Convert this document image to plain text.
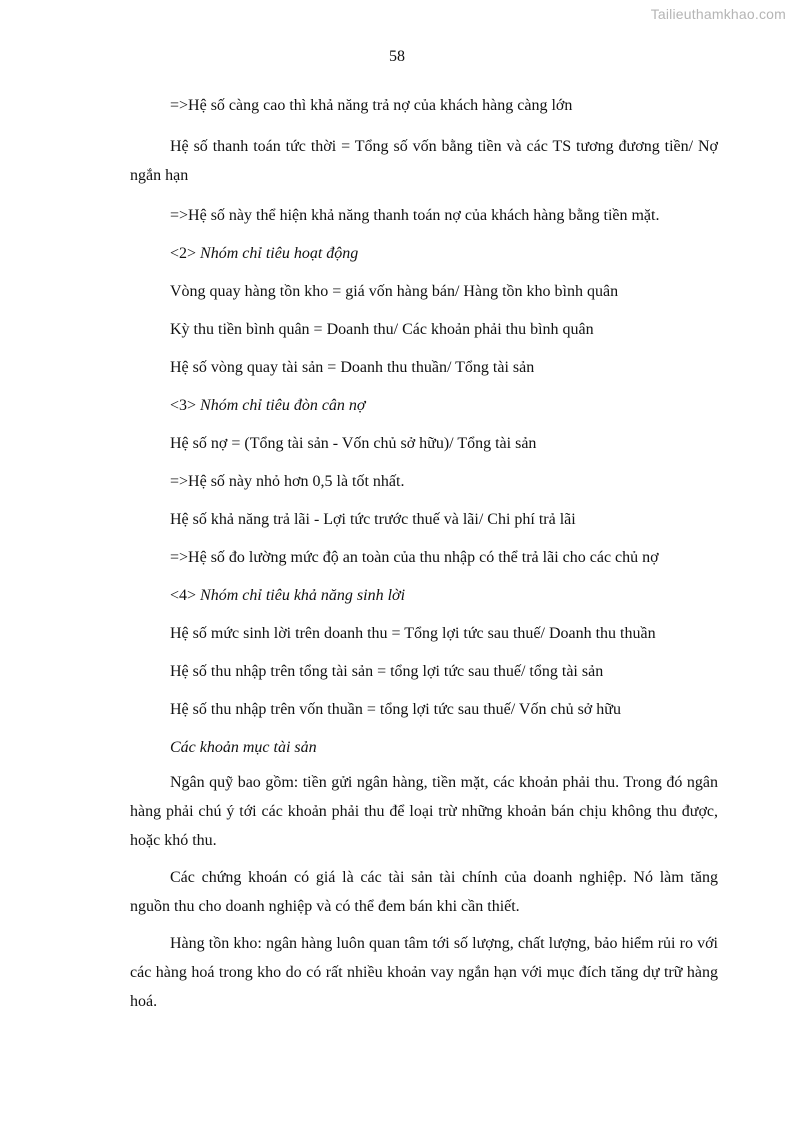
Tailieuthamkhao.com
58

=>Hệ số càng cao thì khả năng trả nợ của khách hàng càng lớn

Hệ số thanh toán tức thời = Tổng số vốn bằng tiền và các TS tương đương tiền/ Nợ ngắn hạn

=>Hệ số này thể hiện khả năng thanh toán nợ của khách hàng bằng tiền mặt.

<2> Nhóm chỉ tiêu hoạt động

Vòng quay hàng tồn kho = giá vốn hàng bán/ Hàng tồn kho bình quân

Kỳ thu tiền bình quân = Doanh thu/ Các khoản phải thu bình quân

Hệ số vòng quay tài sản = Doanh thu thuần/ Tổng tài sản

<3> Nhóm chỉ tiêu đòn cân nợ

Hệ số nợ = (Tổng tài sản - Vốn chủ sở hữu)/ Tổng tài sản

=>Hệ số này nhỏ hơn 0,5 là tốt nhất.

Hệ số khả năng trả lãi - Lợi tức trước thuế và lãi/ Chi phí trả lãi

=>Hệ số đo lường mức độ an toàn của thu nhập có thể trả lãi cho các chủ nợ

<4> Nhóm chỉ tiêu khả năng sinh lời

Hệ số mức sinh lời trên doanh thu = Tổng lợi tức sau thuế/ Doanh thu thuần

Hệ số thu nhập trên tổng tài sản = tổng lợi tức sau thuế/ tổng tài sản

Hệ số thu nhập trên vốn thuần = tổng lợi tức sau thuế/ Vốn chủ sở hữu

Các khoản mục tài sản

Ngân quỹ bao gồm: tiền gửi ngân hàng, tiền mặt, các khoản phải thu. Trong đó ngân hàng phải chú ý tới các khoản phải thu để loại trừ những khoản bán chịu không thu được, hoặc khó thu.

Các chứng khoán có giá là các tài sản tài chính của doanh nghiệp. Nó làm tăng nguồn thu cho doanh nghiệp và có thể đem bán khi cần thiết.

Hàng tồn kho: ngân hàng luôn quan tâm tới số lượng, chất lượng, bảo hiểm rủi ro với các hàng hoá trong kho do có rất nhiều khoản vay ngắn hạn với mục đích tăng dự trữ hàng hoá.
